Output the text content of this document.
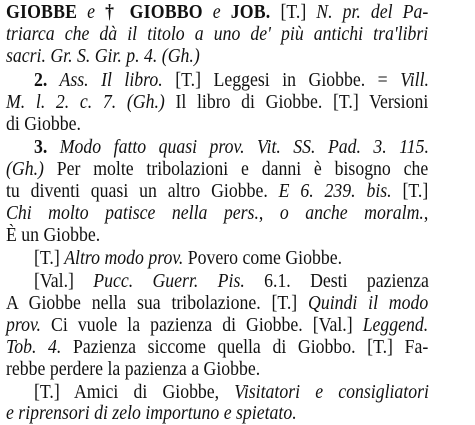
GIOBBE e † GIOBBO e JOB. [T.] N. pr. del Pa-
triarca che dà il titolo a uno de' più antichi tra'libri
sacri. Gr. S. Gir. p. 4. (Gh.)
2. Ass. Il libro. [T.] Leggesi in Giobbe. = Vill.
M. l. 2. c. 7. (Gh.) Il libro di Giobbe. [T.] Versioni
di Giobbe.
3. Modo fatto quasi prov. Vit. SS. Pad. 3. 115.
(Gh.) Per molte tribolazioni e danni è bisogno che
tu diventi quasi un altro Giobbe. E 6. 239. bis. [T.]
Chi molto patisce nella pers., o anche moralm.,
È un Giobbe.
[T.] Altro modo prov. Povero come Giobbe.
[Val.] Pucc. Guerr. Pis. 6.1. Desti pazienza
A Giobbe nella sua tribolazione. [T.] Quindi il modo
prov. Ci vuole la pazienza di Giobbe. [Val.] Leggend.
Tob. 4. Pazienza siccome quella di Giobbo. [T.] Fa-
rebbe perdere la pazienza a Giobbe.
[T.] Amici di Giobbe, Visitatori e consigliatori
e riprensori di zelo importuno e spietato.
